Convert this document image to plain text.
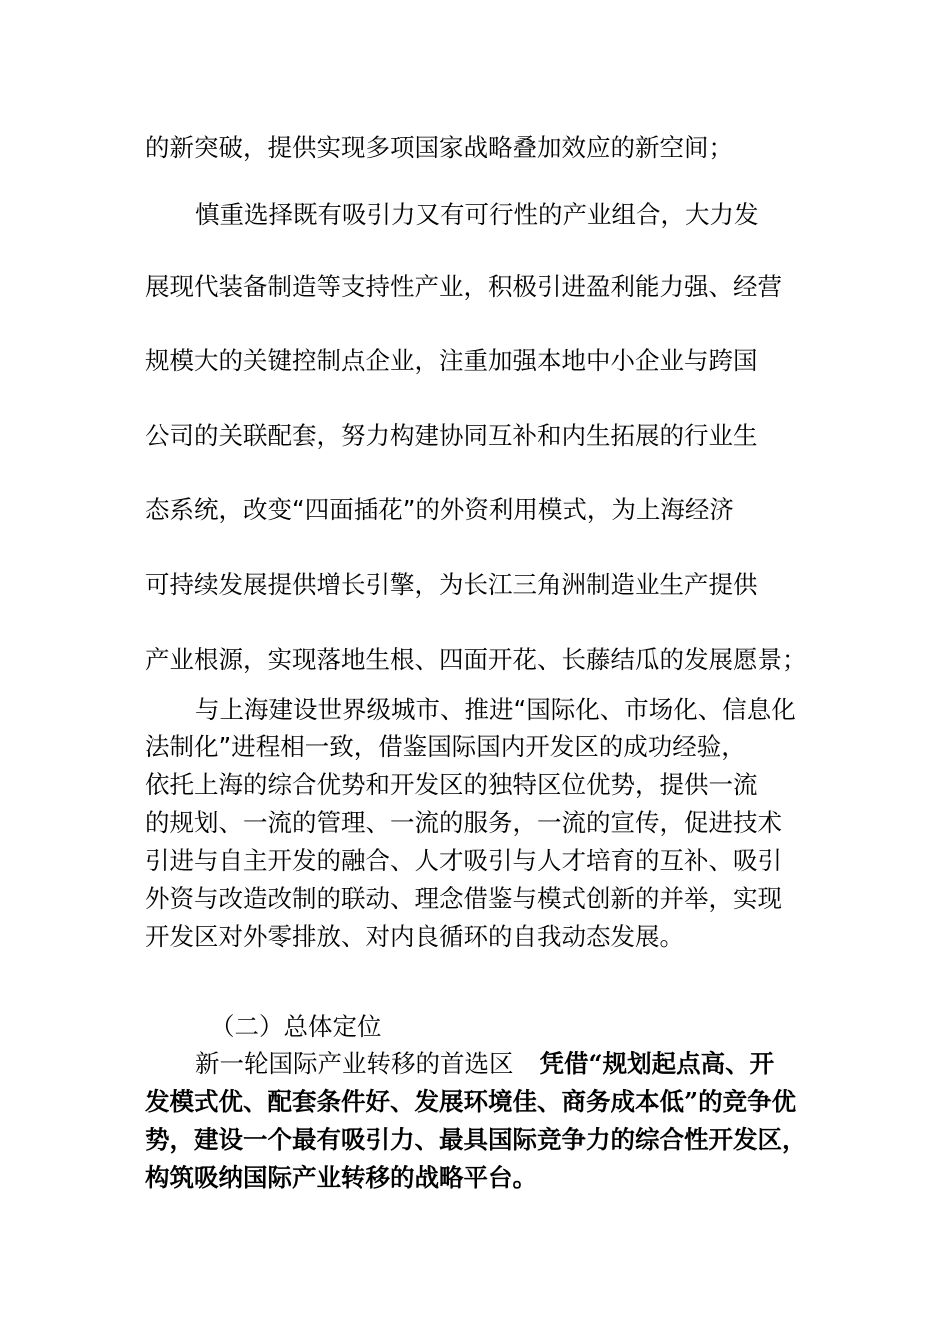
的新突破，提供实现多项国家战略叠加效应的新空间；
慎重选择既有吸引力又有可行性的产业组合，大力发
展现代装备制造等支持性产业，积极引进盈利能力强、经营
规模大的关键控制点企业，注重加强本地中小企业与跨国
公司的关联配套，努力构建协同互补和内生拓展的行业生
态系统，改变“四面插花”的外资利用模式，为上海经济
可持续发展提供增长引擎，为长江三角洲制造业生产提供
产业根源，实现落地生根、四面开花、长藤结瓜的发展愿景；
与上海建设世界级城市、推进“国际化、市场化、信息化
法制化”进程相一致，借鉴国际国内开发区的成功经验，
依托上海的综合优势和开发区的独特区位优势，提供一流
的规划、一流的管理、一流的服务，一流的宣传，促进技术
引进与自主开发的融合、人才吸引与人才培育的互补、吸引
外资与改造改制的联动、理念借鉴与模式创新的并举，实现
开发区对外零排放、对内良循环的自我动态发展。
（二）总体定位
新一轮国际产业转移的首选区 凭借“规划起点高、开
发模式优、配套条件好、发展环境佳、商务成本低”的竞争优
势，建设一个最有吸引力、最具国际竞争力的综合性开发区，
构筑吸纳国际产业转移的战略平台。
